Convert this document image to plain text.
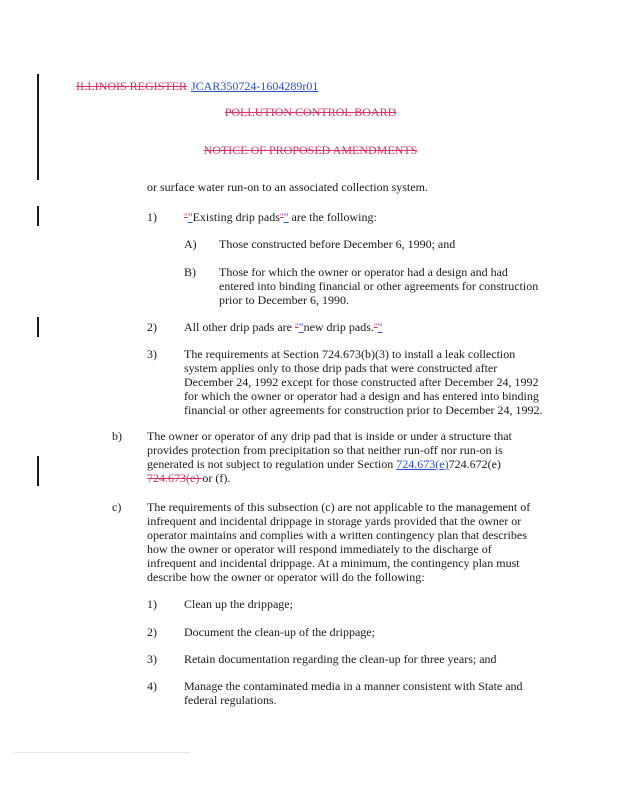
ILLINOIS REGISTER JCAR350724-1604289r01
POLLUTION CONTROL BOARD
NOTICE OF PROPOSED AMENDMENTS
or surface water run-on to an associated collection system.
1)	""Existing drip pads"" are the following:
A) Those constructed before December 6, 1990; and
B) Those for which the owner or operator had a design and had
entered into binding financial or other agreements for construction
prior to December 6, 1990.
2) All other drip pads are ""new drip pads.""
3) The requirements at Section 724.673(b)(3) to install a leak collection
system applies only to those drip pads that were constructed after
December 24, 1992 except for those constructed after December 24, 1992
for which the owner or operator had a design and has entered into binding
financial or other agreements for construction prior to December 24, 1992.
b) The owner or operator of any drip pad that is inside or under a structure that
provides protection from precipitation so that neither run-off nor run-on is
generated is not subject to regulation under Section 724.673(e)724.672(e)
724.673(e) or (f).
c) The requirements of this subsection (c) are not applicable to the management of
infrequent and incidental drippage in storage yards provided that the owner or
operator maintains and complies with a written contingency plan that describes
how the owner or operator will respond immediately to the discharge of
infrequent and incidental drippage. At a minimum, the contingency plan must
describe how the owner or operator will do the following:
1) Clean up the drippage;
2) Document the clean-up of the drippage;
3) Retain documentation regarding the clean-up for three years; and
4) Manage the contaminated media in a manner consistent with State and
federal regulations.
